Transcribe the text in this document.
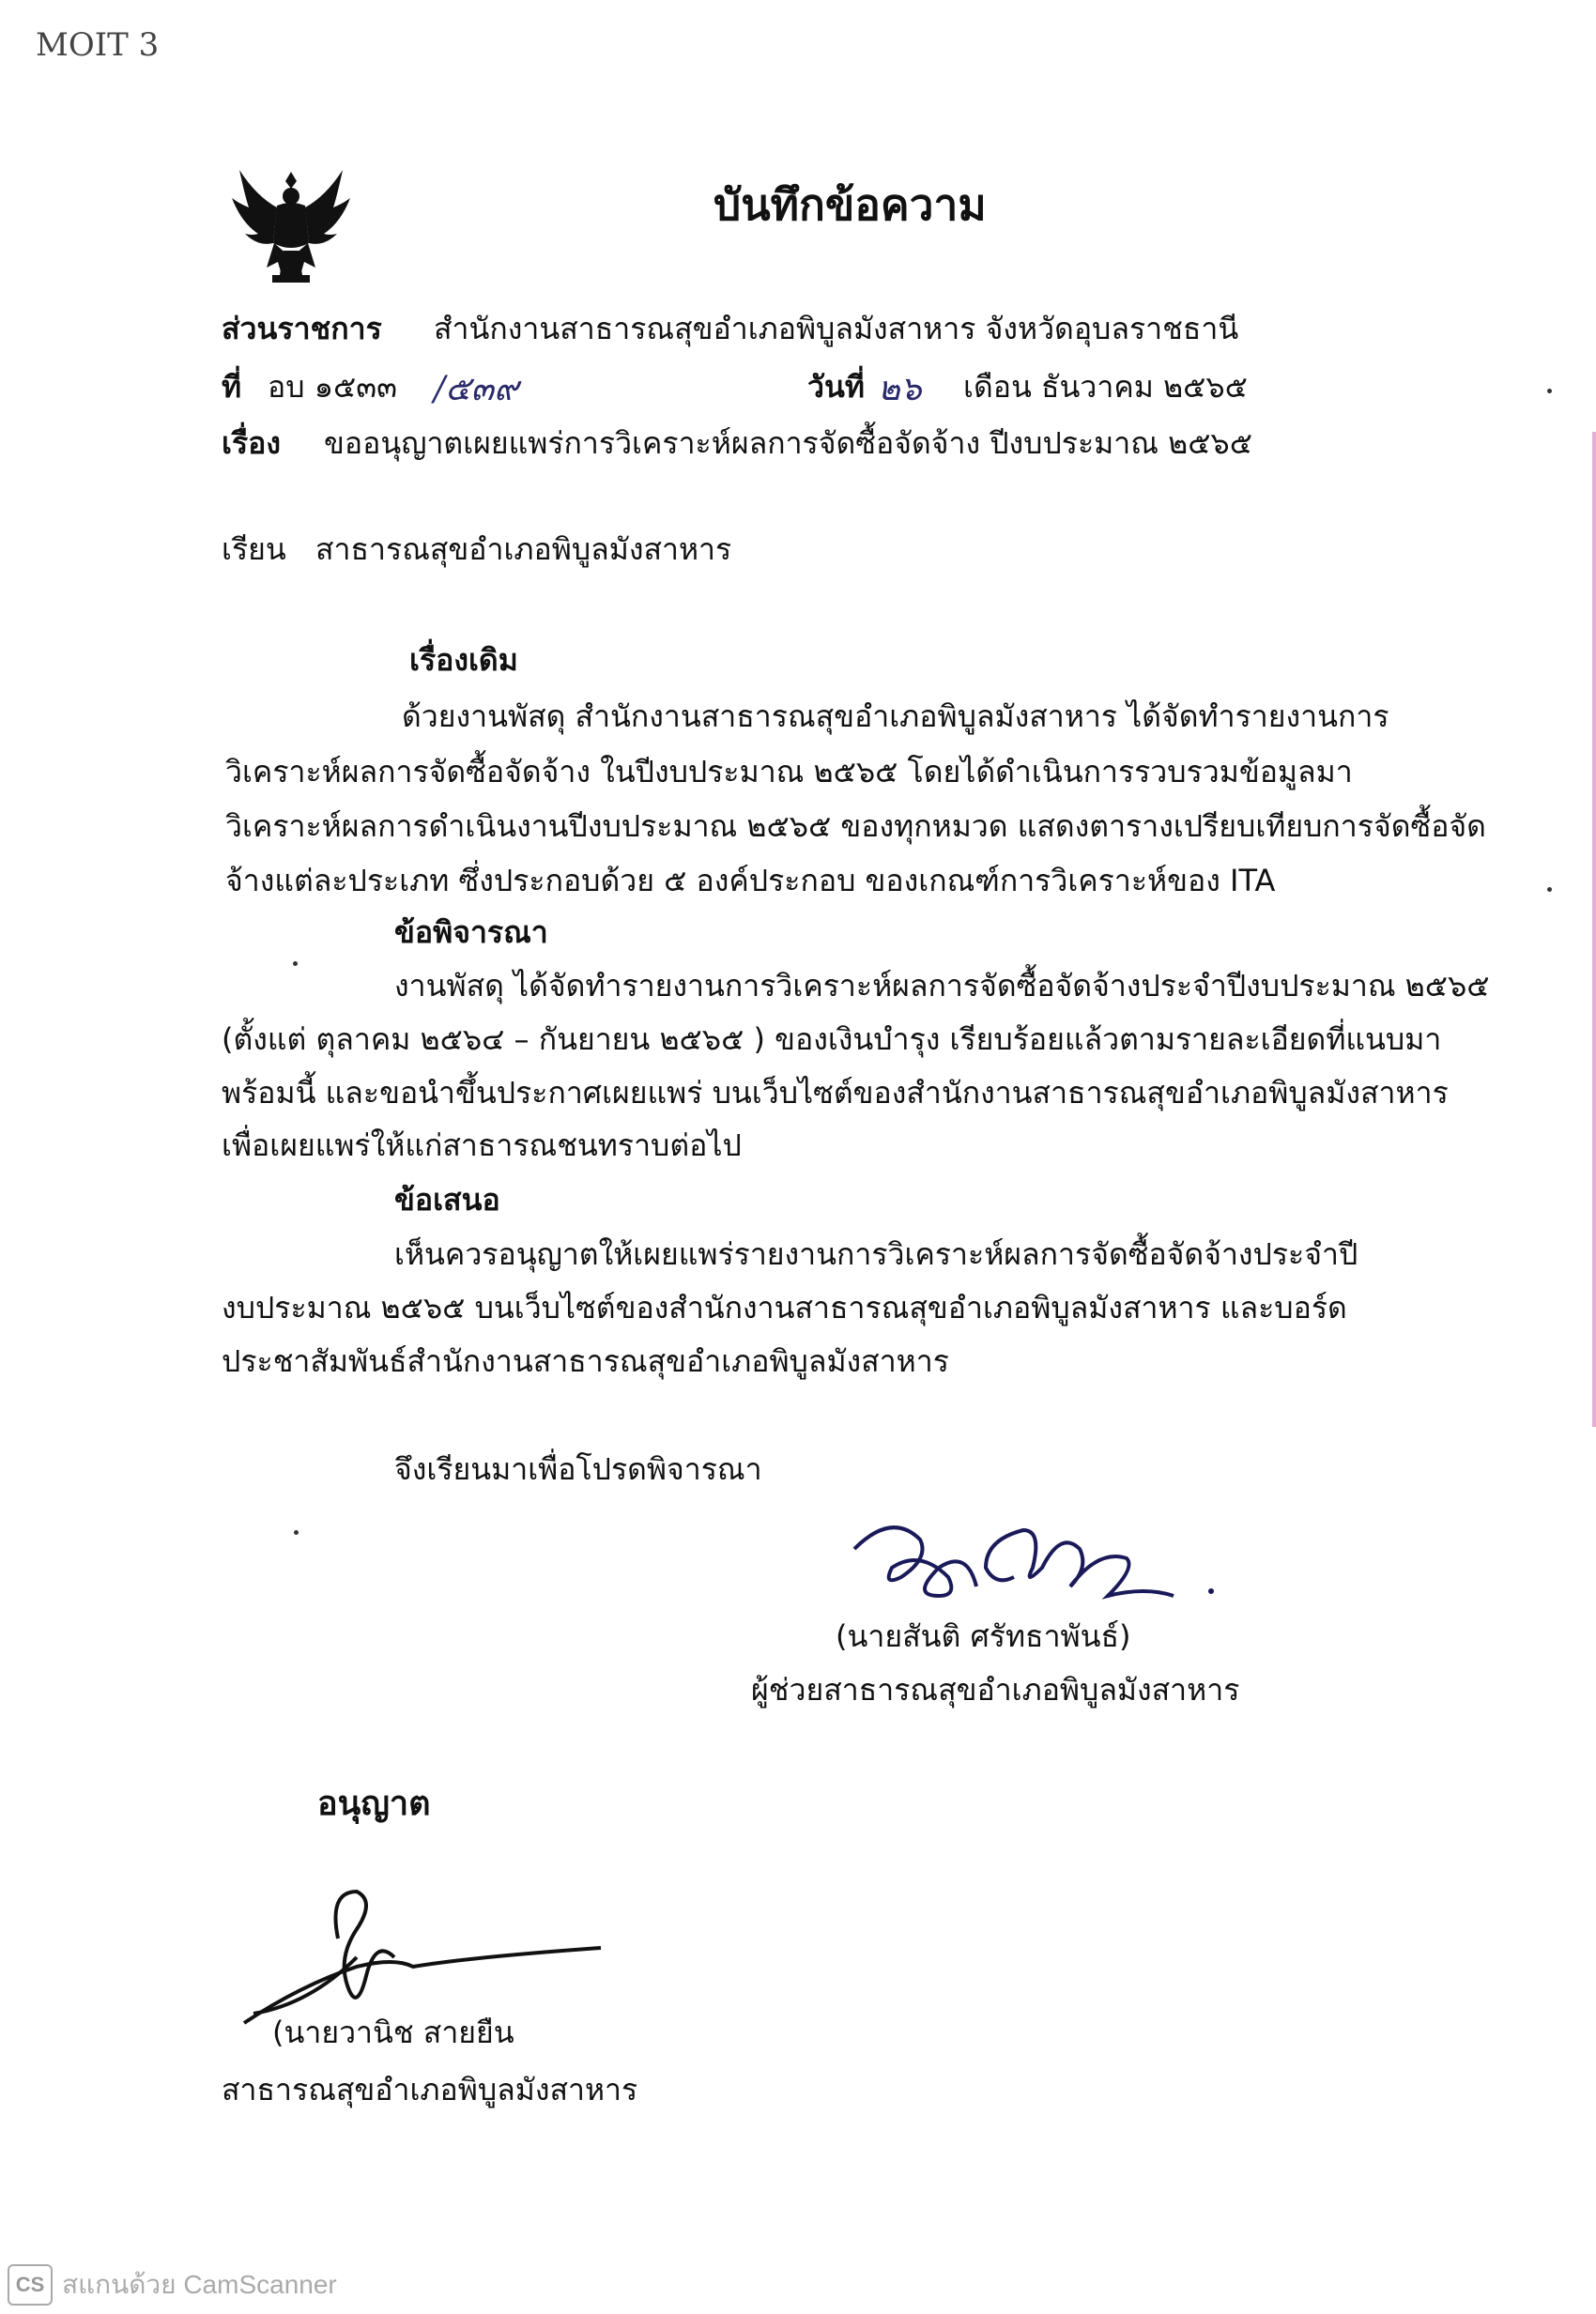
MOIT 3
บันทึกข้อความ
ส่วนราชการ สำนักงานสาธารณสุขอำเภอพิบูลมังสาหาร จังหวัดอุบลราชธานี
ที่ อบ ๑๕๓๓ /๕๓๙	วันที่ ๒๖ เดือน ธันวาคม ๒๕๖๕
เรื่อง ขออนุญาตเผยแพร่การวิเคราะห์ผลการจัดซื้อจัดจ้าง ปีงบประมาณ ๒๕๖๕
เรียน สาธารณสุขอำเภอพิบูลมังสาหาร
เรื่องเดิม
ด้วยงานพัสดุ สำนักงานสาธารณสุขอำเภอพิบูลมังสาหาร ได้จัดทำรายงานการ
วิเคราะห์ผลการจัดซื้อจัดจ้าง ในปีงบประมาณ ๒๕๖๕ โดยได้ดำเนินการรวบรวมข้อมูลมา
วิเคราะห์ผลการดำเนินงานปีงบประมาณ ๒๕๖๕ ของทุกหมวด แสดงตารางเปรียบเทียบการจัดซื้อจัด
จ้างแต่ละประเภท ซึ่งประกอบด้วย ๕ องค์ประกอบ ของเกณฑ์การวิเคราะห์ของ ITA
ข้อพิจารณา
งานพัสดุ ได้จัดทำรายงานการวิเคราะห์ผลการจัดซื้อจัดจ้างประจำปีงบประมาณ ๒๕๖๕
(ตั้งแต่ ตุลาคม ๒๕๖๔ – กันยายน ๒๕๖๕ ) ของเงินบำรุง เรียบร้อยแล้วตามรายละเอียดที่แนบมา
พร้อมนี้ และขอนำขึ้นประกาศเผยแพร่ บนเว็บไซต์ของสำนักงานสาธารณสุขอำเภอพิบูลมังสาหาร
เพื่อเผยแพร่ให้แก่สาธารณชนทราบต่อไป
ข้อเสนอ
เห็นควรอนุญาตให้เผยแพร่รายงานการวิเคราะห์ผลการจัดซื้อจัดจ้างประจำปี
งบประมาณ ๒๕๖๕ บนเว็บไซต์ของสำนักงานสาธารณสุขอำเภอพิบูลมังสาหาร และบอร์ด
ประชาสัมพันธ์สำนักงานสาธารณสุขอำเภอพิบูลมังสาหาร
จึงเรียนมาเพื่อโปรดพิจารณา
(นายสันติ ศรัทธาพันธ์)
ผู้ช่วยสาธารณสุขอำเภอพิบูลมังสาหาร
อนุญาต
(นายวานิช สายยืน
สาธารณสุขอำเภอพิบูลมังสาหาร
CS สแกนด้วย CamScanner
